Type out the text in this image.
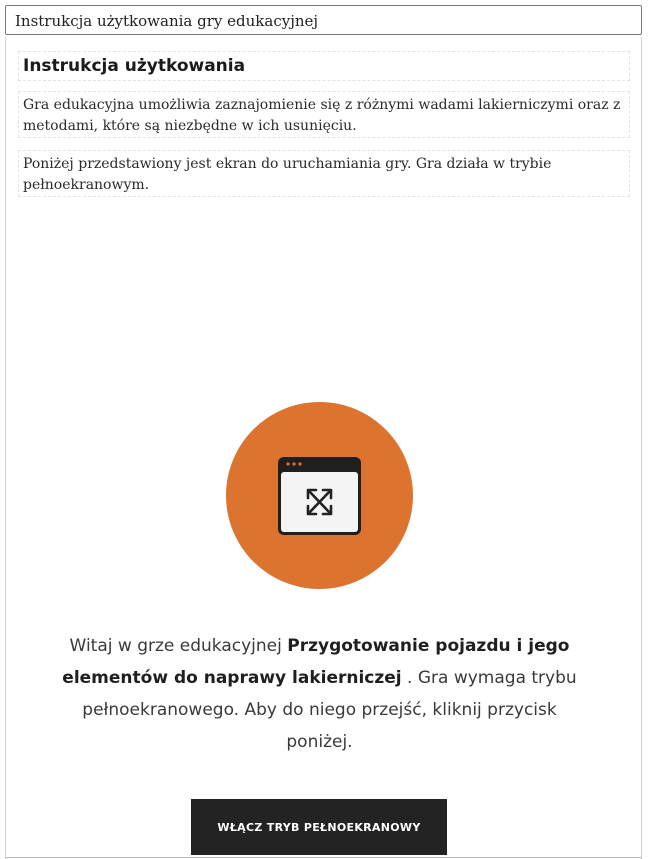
Instrukcja użytkowania gry edukacyjnej
Instrukcja użytkowania
Gra edukacyjna umożliwia zaznajomienie się z różnymi wadami lakierniczymi oraz z metodami, które są niezbędne w ich usunięciu.
Poniżej przedstawiony jest ekran do uruchamiania gry. Gra działa w trybie pełnoekranowym.
Witaj w grze edukacyjnej Przygotowanie pojazdu i jego elementów do naprawy lakierniczej . Gra wymaga trybu pełnoekranowego. Aby do niego przejść, kliknij przycisk poniżej.
WŁĄCZ TRYB PEŁNOEKRANOWY
